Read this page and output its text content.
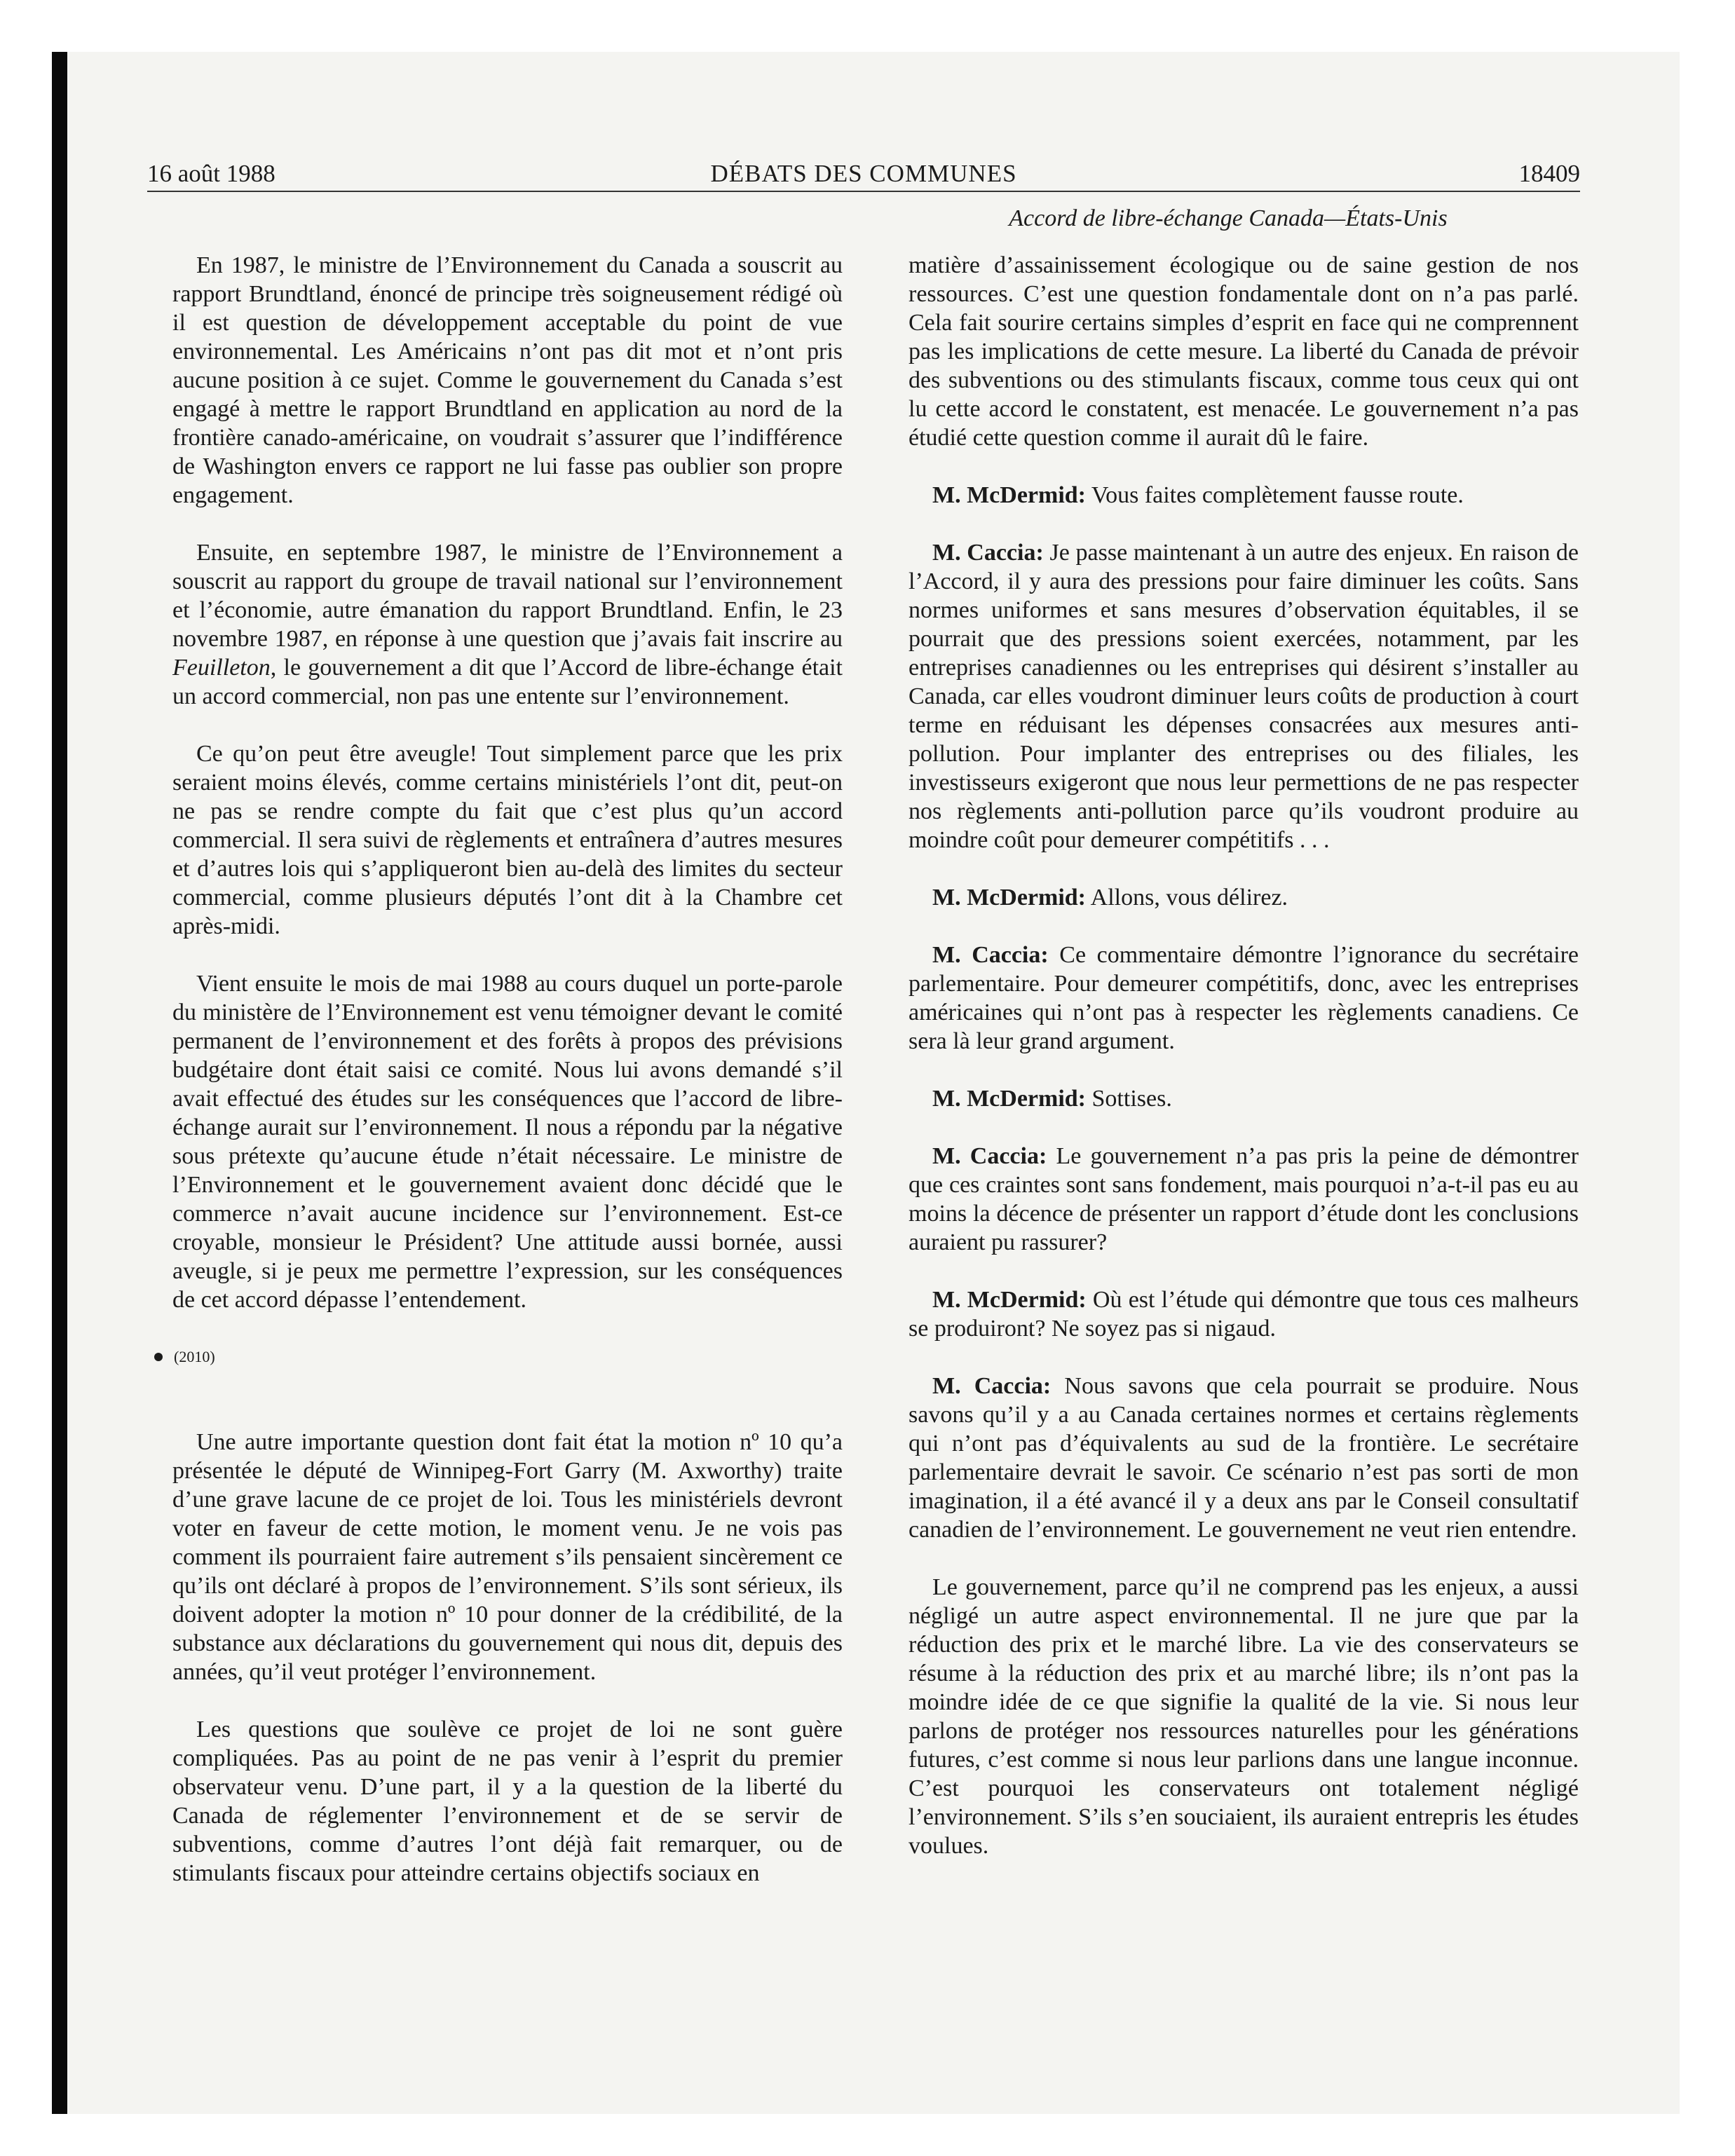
16 août 1988	DÉBATS DES COMMUNES	18409
Accord de libre-échange Canada—États-Unis

En 1987, le ministre de l’Environnement du Canada a souscrit au rapport Brundtland, énoncé de principe très soigneusement rédigé où il est question de développement acceptable du point de vue environnemental. Les Américains n’ont pas dit mot et n’ont pris aucune position à ce sujet. Comme le gouvernement du Canada s’est engagé à mettre le rapport Brundtland en application au nord de la frontière canado-américaine, on voudrait s’assurer que l’indifférence de Washington envers ce rapport ne lui fasse pas oublier son propre engagement.

Ensuite, en septembre 1987, le ministre de l’Environnement a souscrit au rapport du groupe de travail national sur l’environnement et l’économie, autre émanation du rapport Brundtland. Enfin, le 23 novembre 1987, en réponse à une question que j’avais fait inscrire au Feuilleton, le gouvernement a dit que l’Accord de libre-échange était un accord commercial, non pas une entente sur l’environnement.

Ce qu’on peut être aveugle! Tout simplement parce que les prix seraient moins élevés, comme certains ministériels l’ont dit, peut-on ne pas se rendre compte du fait que c’est plus qu’un accord commercial. Il sera suivi de règlements et entraînera d’autres mesures et d’autres lois qui s’appliqueront bien au-delà des limites du secteur commercial, comme plusieurs députés l’ont dit à la Chambre cet après-midi.

Vient ensuite le mois de mai 1988 au cours duquel un porte-parole du ministère de l’Environnement est venu témoigner devant le comité permanent de l’environnement et des forêts à propos des prévisions budgétaire dont était saisi ce comité. Nous lui avons demandé s’il avait effectué des études sur les conséquences que l’accord de libre-échange aurait sur l’environnement. Il nous a répondu par la négative sous prétexte qu’aucune étude n’était nécessaire. Le ministre de l’Environnement et le gouvernement avaient donc décidé que le commerce n’avait aucune incidence sur l’environnement. Est-ce croyable, monsieur le Président? Une attitude aussi bornée, aussi aveugle, si je peux me permettre l’expression, sur les conséquences de cet accord dépasse l’entendement.

(2010)

Une autre importante question dont fait état la motion nº 10 qu’a présentée le député de Winnipeg-Fort Garry (M. Axworthy) traite d’une grave lacune de ce projet de loi. Tous les ministériels devront voter en faveur de cette motion, le moment venu. Je ne vois pas comment ils pourraient faire autrement s’ils pensaient sincèrement ce qu’ils ont déclaré à propos de l’environnement. S’ils sont sérieux, ils doivent adopter la motion nº 10 pour donner de la crédibilité, de la substance aux déclarations du gouvernement qui nous dit, depuis des années, qu’il veut protéger l’environnement.

Les questions que soulève ce projet de loi ne sont guère compliquées. Pas au point de ne pas venir à l’esprit du premier observateur venu. D’une part, il y a la question de la liberté du Canada de réglementer l’environnement et de se servir de subventions, comme d’autres l’ont déjà fait remarquer, ou de stimulants fiscaux pour atteindre certains objectifs sociaux en

matière d’assainissement écologique ou de saine gestion de nos ressources. C’est une question fondamentale dont on n’a pas parlé. Cela fait sourire certains simples d’esprit en face qui ne comprennent pas les implications de cette mesure. La liberté du Canada de prévoir des subventions ou des stimulants fiscaux, comme tous ceux qui ont lu cette accord le constatent, est menacée. Le gouvernement n’a pas étudié cette question comme il aurait dû le faire.

M. McDermid: Vous faites complètement fausse route.

M. Caccia: Je passe maintenant à un autre des enjeux. En raison de l’Accord, il y aura des pressions pour faire diminuer les coûts. Sans normes uniformes et sans mesures d’observation équitables, il se pourrait que des pressions soient exercées, notamment, par les entreprises canadiennes ou les entreprises qui désirent s’installer au Canada, car elles voudront diminuer leurs coûts de production à court terme en réduisant les dépenses consacrées aux mesures anti-pollution. Pour implanter des entreprises ou des filiales, les investisseurs exigeront que nous leur permettions de ne pas respecter nos règlements anti-pollution parce qu’ils voudront produire au moindre coût pour demeurer compétitifs . . .

M. McDermid: Allons, vous délirez.

M. Caccia: Ce commentaire démontre l’ignorance du secrétaire parlementaire. Pour demeurer compétitifs, donc, avec les entreprises américaines qui n’ont pas à respecter les règlements canadiens. Ce sera là leur grand argument.

M. McDermid: Sottises.

M. Caccia: Le gouvernement n’a pas pris la peine de démontrer que ces craintes sont sans fondement, mais pourquoi n’a-t-il pas eu au moins la décence de présenter un rapport d’étude dont les conclusions auraient pu rassurer?

M. McDermid: Où est l’étude qui démontre que tous ces malheurs se produiront? Ne soyez pas si nigaud.

M. Caccia: Nous savons que cela pourrait se produire. Nous savons qu’il y a au Canada certaines normes et certains règlements qui n’ont pas d’équivalents au sud de la frontière. Le secrétaire parlementaire devrait le savoir. Ce scénario n’est pas sorti de mon imagination, il a été avancé il y a deux ans par le Conseil consultatif canadien de l’environnement. Le gouvernement ne veut rien entendre.

Le gouvernement, parce qu’il ne comprend pas les enjeux, a aussi négligé un autre aspect environnemental. Il ne jure que par la réduction des prix et le marché libre. La vie des conservateurs se résume à la réduction des prix et au marché libre; ils n’ont pas la moindre idée de ce que signifie la qualité de la vie. Si nous leur parlons de protéger nos ressources naturelles pour les générations futures, c’est comme si nous leur parlions dans une langue inconnue. C’est pourquoi les conservateurs ont totalement négligé l’environnement. S’ils s’en souciaient, ils auraient entrepris les études voulues.
